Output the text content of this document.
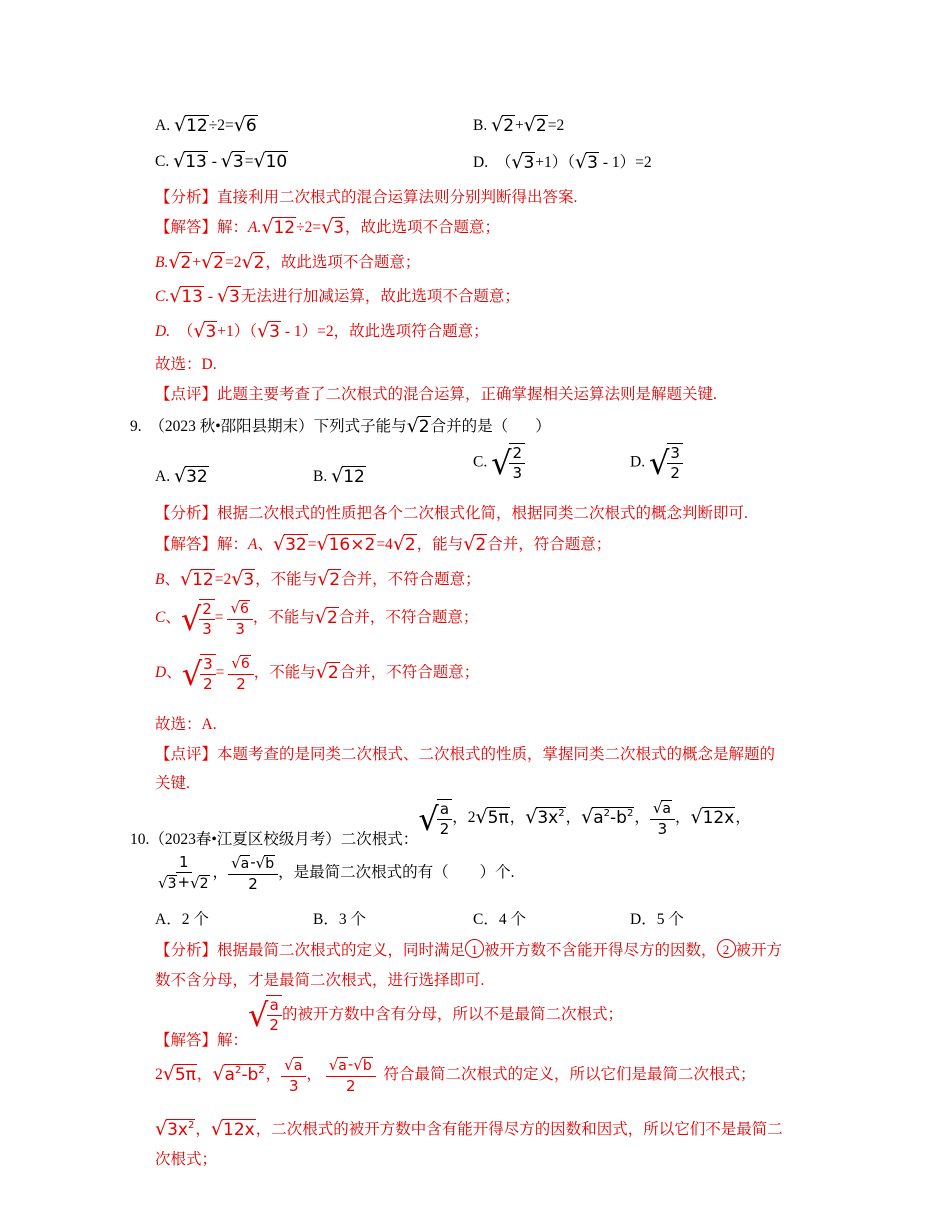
A. √12÷2=√6	B. √2+√2=2
C. √13 - √3=√10	D.  （√3+1）（√3 - 1）=2
【分析】直接利用二次根式的混合运算法则分别判断得出答案.
【解答】解：A.√12÷2=√3，故此选项不合题意；
B.√2+√2=2√2，故此选项不合题意；
C.√13 - √3无法进行加减运算，故此选项不合题意；
D.  （√3+1）（√3 - 1）=2，故此选项符合题意；
故选：D.
【点评】此题主要考查了二次根式的混合运算，正确掌握相关运算法则是解题关键.
9.  （2023 秋•邵阳县期末）下列式子能与√2合并的是（       ）
A. √32	B. √12
C. √
$\frac{2}{3}$	D. √
$\frac{3}{2}$
【分析】根据二次根式的性质把各个二次根式化简，根据同类二次根式的概念判断即可.
【解答】解：A、√32=√16×2=4√2，能与√2合并，符合题意；
B、√12=2√3，不能与√2合并，不符合题意；
C、 √
$\frac{2}{3} = \frac{√6}{3}$ ，不能与√2合并，不符合题意；
D、 √
$\frac{3}{2} = \frac{√6}{2}$ ，不能与√2合并，不符合题意；
故选：A.
【点评】本题考查的是同类二次根式、二次根式的性质，掌握同类二次根式的概念是解题的
关键.
10.（2023春•江夏区校级月考）二次根式：
√
$\frac{a}{2}$ ，2√5π，$√3x^2$，$√a^2-b^2$， $\frac{√a}{3}$ ，√12x，
$\frac{1}{√3+√2}$ ， $\frac{√a-√b}{2}$ ，是最简二次根式的有（　　）个.
A．2 个	B．3 个	C．4 个	D．5 个
【分析】根据最简二次根式的定义，同时满足 1 被开方数不含能开得尽方的因数， 2 被开方
数不含分母，才是最简二次根式，进行选择即可.
【解答】解：
√
$\frac{a}{2}$ 的被开方数中含有分母，所以不是最简二次根式；
2√5π，$√a^2-b^2$， $\frac{√a}{3}$ ， $\frac{√a-√b}{2}$ 符合最简二次根式的定义，所以它们是最简二次根式；
$√3x^2$，√12x，二次根式的被开方数中含有能开得尽方的因数和因式，所以它们不是最简二
次根式；
